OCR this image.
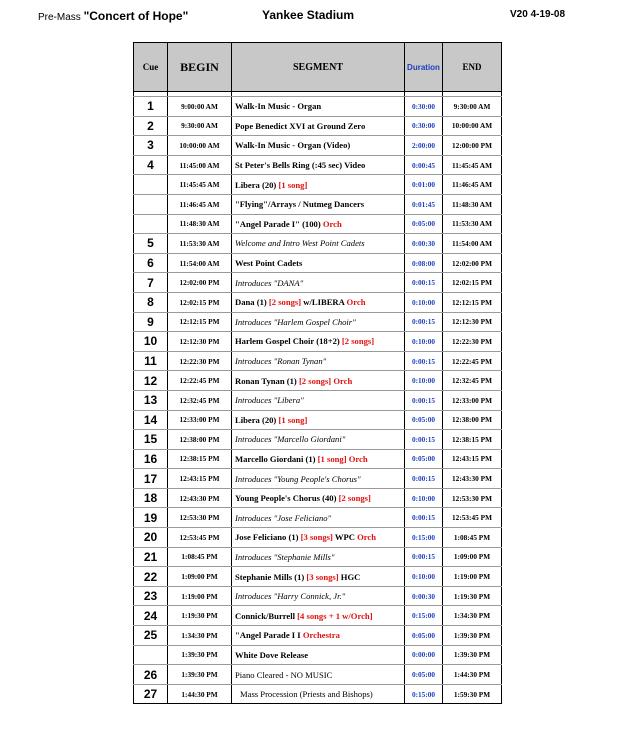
Pre-Mass "Concert of Hope"	Yankee Stadium	V20 4-19-08
Cue	BEGIN	SEGMENT	Duration	END

1	9:00:00 AM	Walk-In Music - Organ	0:30:00	9:30:00 AM
2	9:30:00 AM	Pope Benedict XVI at Ground Zero	0:30:00	10:00:00 AM
3	10:00:00 AM	Walk-In Music - Organ (Video)	2:00:00	12:00:00 PM
4	11:45:00 AM	St Peter's Bells Ring (:45 sec) Video	0:00:45	11:45:45 AM
	11:45:45 AM	Libera (20) [1 song]	0:01:00	11:46:45 AM
	11:46:45 AM	"Flying"/Arrays / Nutmeg Dancers	0:01:45	11:48:30 AM
	11:48:30 AM	"Angel Parade I" (100) Orch	0:05:00	11:53:30 AM
5	11:53:30 AM	Welcome and Intro West Point Cadets	0:00:30	11:54:00 AM
6	11:54:00 AM	West Point Cadets	0:08:00	12:02:00 PM
7	12:02:00 PM	Introduces "DANA"	0:00:15	12:02:15 PM
8	12:02:15 PM	Dana (1) [2 songs] w/LIBERA Orch	0:10:00	12:12:15 PM
9	12:12:15 PM	Introduces "Harlem Gospel Choir"	0:00:15	12:12:30 PM
10	12:12:30 PM	Harlem Gospel Choir (18+2) [2 songs]	0:10:00	12:22:30 PM
11	12:22:30 PM	Introduces "Ronan Tynan"	0:00:15	12:22:45 PM
12	12:22:45 PM	Ronan Tynan (1) [2 songs] Orch	0:10:00	12:32:45 PM
13	12:32:45 PM	Introduces "Libera"	0:00:15	12:33:00 PM
14	12:33:00 PM	Libera (20) [1 song]	0:05:00	12:38:00 PM
15	12:38:00 PM	Introduces "Marcello Giordani"	0:00:15	12:38:15 PM
16	12:38:15 PM	Marcello Giordani (1) [1 song] Orch	0:05:00	12:43:15 PM
17	12:43:15 PM	Introduces "Young People's Chorus"	0:00:15	12:43:30 PM
18	12:43:30 PM	Young People's Chorus (40) [2 songs]	0:10:00	12:53:30 PM
19	12:53:30 PM	Introduces "Jose Feliciano"	0:00:15	12:53:45 PM
20	12:53:45 PM	Jose Feliciano (1) [3 songs] WPC Orch	0:15:00	1:08:45 PM
21	1:08:45 PM	Introduces "Stephanie Mills"	0:00:15	1:09:00 PM
22	1:09:00 PM	Stephanie Mills (1) [3 songs] HGC	0:10:00	1:19:00 PM
23	1:19:00 PM	Introduces "Harry Connick, Jr."	0:00:30	1:19:30 PM
24	1:19:30 PM	Connick/Burrell [4 songs + 1 w/Orch]	0:15:00	1:34:30 PM
25	1:34:30 PM	"Angel Parade I I Orchestra	0:05:00	1:39:30 PM
	1:39:30 PM	White Dove Release	0:00:00	1:39:30 PM
26	1:39:30 PM	Piano Cleared - NO MUSIC	0:05:00	1:44:30 PM
27	1:44:30 PM	Mass Procession (Priests and Bishops)	0:15:00	1:59:30 PM
